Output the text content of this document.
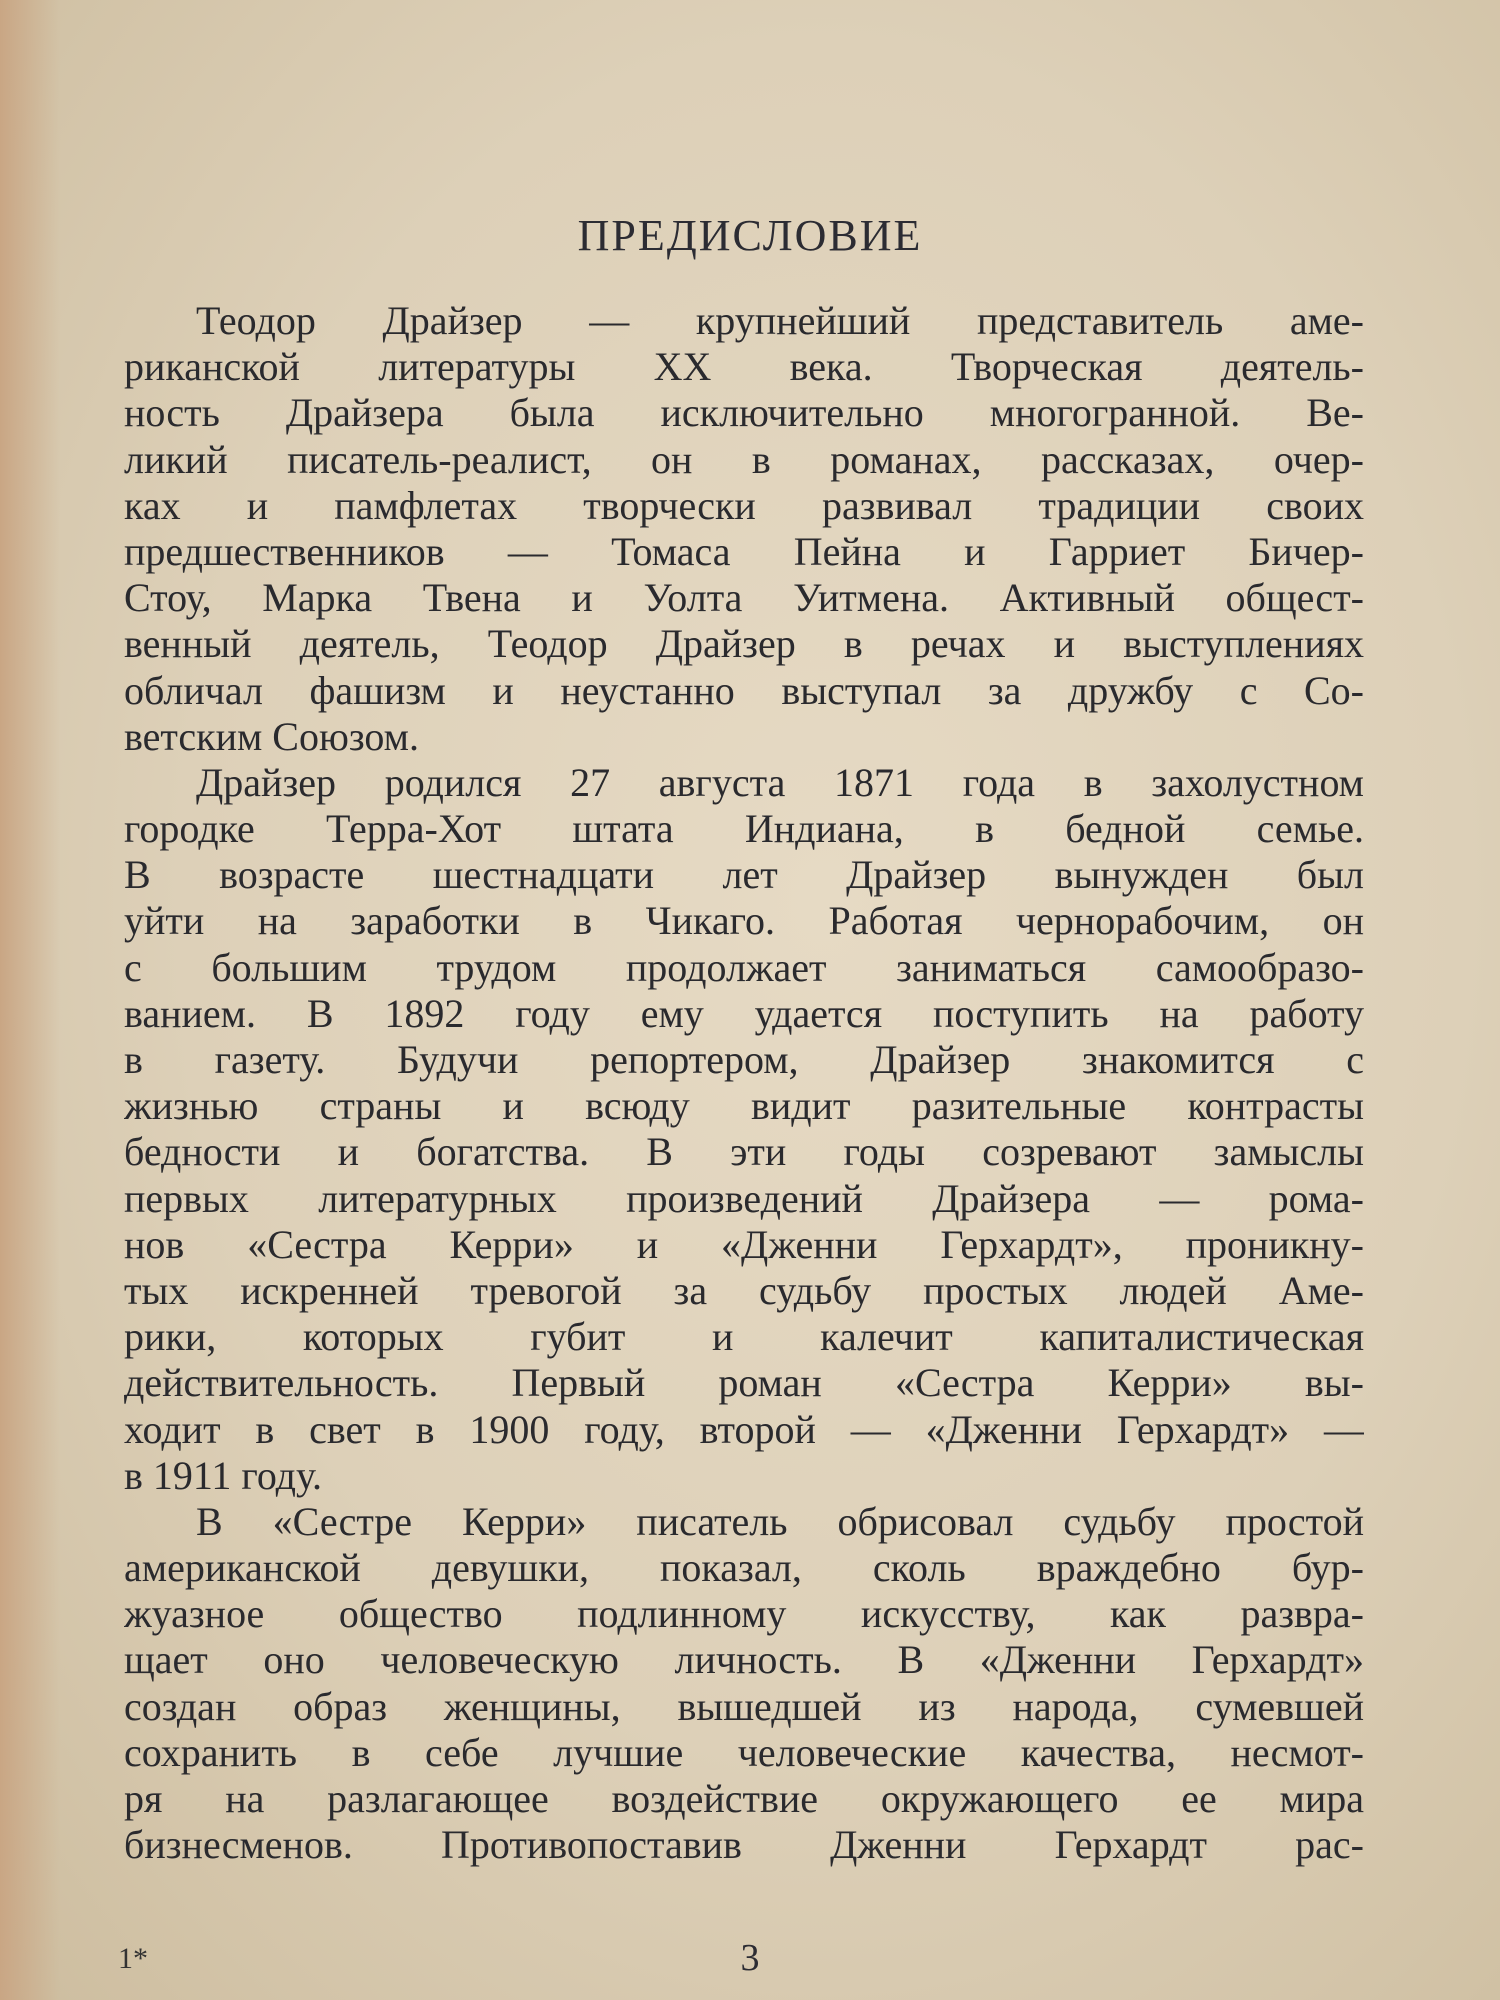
ПРЕДИСЛОВИЕ
Теодор Драйзер — крупнейший представитель аме-
риканской литературы XX века. Творческая деятель-
ность Драйзера была исключительно многогранной. Ве-
ликий писатель-реалист, он в романах, рассказах, очер-
ках и памфлетах творчески развивал традиции своих
предшественников — Томаса Пейна и Гарриет Бичер-
Стоу, Марка Твена и Уолта Уитмена. Активный общест-
венный деятель, Теодор Драйзер в речах и выступлениях
обличал фашизм и неустанно выступал за дружбу с Со-
ветским Союзом.
Драйзер родился 27 августа 1871 года в захолустном
городке Терра-Хот штата Индиана, в бедной семье.
В возрасте шестнадцати лет Драйзер вынужден был
уйти на заработки в Чикаго. Работая чернорабочим, он
с большим трудом продолжает заниматься самообразо-
ванием. В 1892 году ему удается поступить на работу
в газету. Будучи репортером, Драйзер знакомится с
жизнью страны и всюду видит разительные контрасты
бедности и богатства. В эти годы созревают замыслы
первых литературных произведений Драйзера — рома-
нов «Сестра Керри» и «Дженни Герхардт», проникну-
тых искренней тревогой за судьбу простых людей Аме-
рики, которых губит и калечит капиталистическая
действительность. Первый роман «Сестра Керри» вы-
ходит в свет в 1900 году, второй — «Дженни Герхардт» —
в 1911 году.
В «Сестре Керри» писатель обрисовал судьбу простой
американской девушки, показал, сколь враждебно бур-
жуазное общество подлинному искусству, как развра-
щает оно человеческую личность. В «Дженни Герхардт»
создан образ женщины, вышедшей из народа, сумевшей
сохранить в себе лучшие человеческие качества, несмот-
ря на разлагающее воздействие окружающего ее мира
бизнесменов. Противопоставив Дженни Герхардт рас-
1*	3
